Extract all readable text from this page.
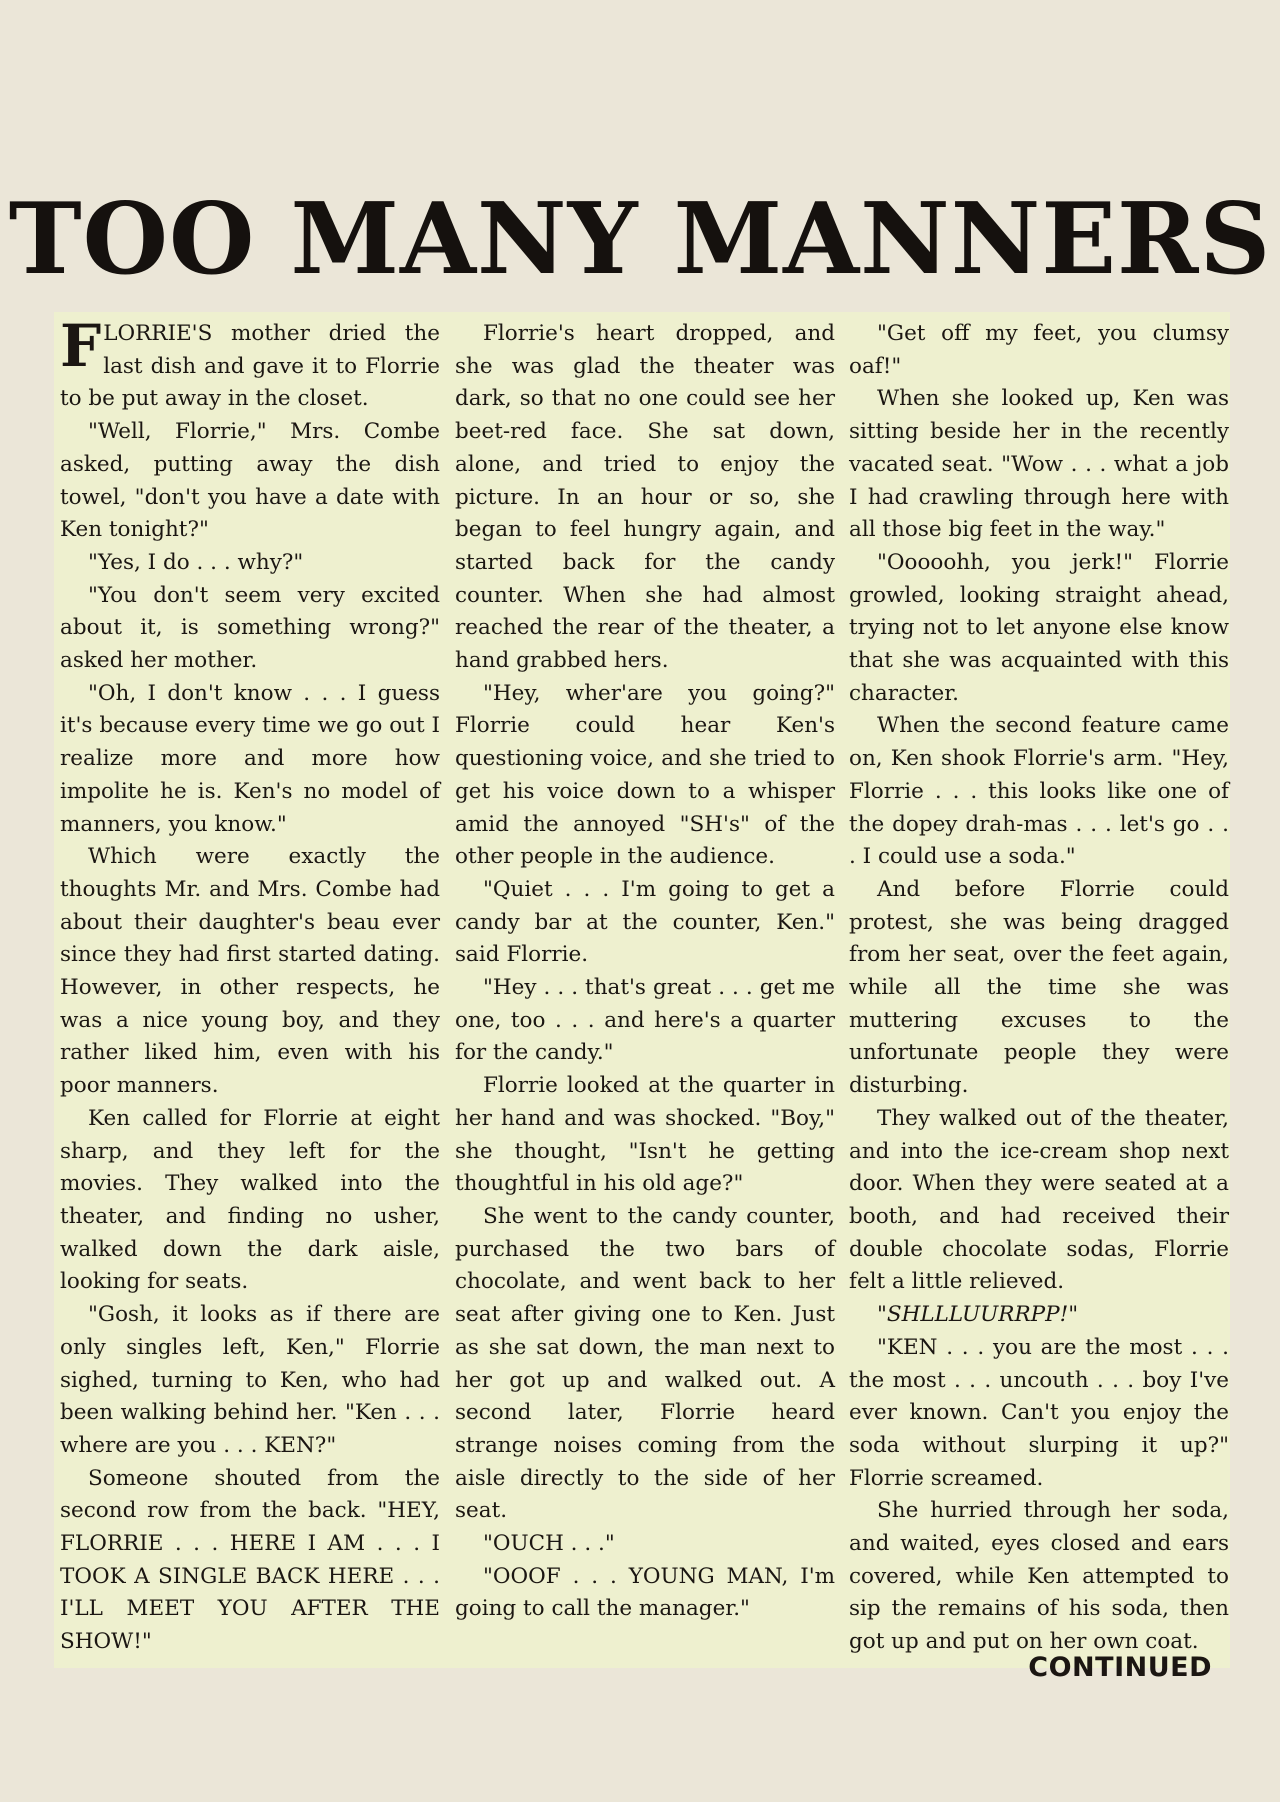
TOO MANY MANNERS

FLORRIE'S mother dried the last dish and gave it to Florrie to be put away in the closet.

"Well, Florrie," Mrs. Combe asked, putting away the dish towel, "don't you have a date with Ken tonight?"

"Yes, I do . . . why?"

"You don't seem very excited about it, is something wrong?" asked her mother.

"Oh, I don't know . . . I guess it's because every time we go out I realize more and more how impolite he is. Ken's no model of manners, you know."

Which were exactly the thoughts Mr. and Mrs. Combe had about their daughter's beau ever since they had first started dating. However, in other respects, he was a nice young boy, and they rather liked him, even with his poor manners.

Ken called for Florrie at eight sharp, and they left for the movies. They walked into the theater, and finding no usher, walked down the dark aisle, looking for seats.

"Gosh, it looks as if there are only singles left, Ken," Florrie sighed, turning to Ken, who had been walking behind her. "Ken . . . where are you . . . KEN?"

Someone shouted from the second row from the back. "HEY, FLORRIE . . . HERE I AM . . . I TOOK A SINGLE BACK HERE . . . I'LL MEET YOU AFTER THE SHOW!"

Florrie's heart dropped, and she was glad the theater was dark, so that no one could see her beet-red face. She sat down, alone, and tried to enjoy the picture. In an hour or so, she began to feel hungry again, and started back for the candy counter. When she had almost reached the rear of the theater, a hand grabbed hers.

"Hey, wher'are you going?" Florrie could hear Ken's questioning voice, and she tried to get his voice down to a whisper amid the annoyed "SH's" of the other people in the audience.

"Quiet . . . I'm going to get a candy bar at the counter, Ken." said Florrie.

"Hey . . . that's great . . . get me one, too . . . and here's a quarter for the candy."

Florrie looked at the quarter in her hand and was shocked. "Boy," she thought, "Isn't he getting thoughtful in his old age?"

She went to the candy counter, purchased the two bars of chocolate, and went back to her seat after giving one to Ken. Just as she sat down, the man next to her got up and walked out. A second later, Florrie heard strange noises coming from the aisle directly to the side of her seat.

"OUCH . . ."

"OOOF . . . YOUNG MAN, I'm going to call the manager."

"Get off my feet, you clumsy oaf!"

When she looked up, Ken was sitting beside her in the recently vacated seat. "Wow . . . what a job I had crawling through here with all those big feet in the way."

"Ooooohh, you jerk!" Florrie growled, looking straight ahead, trying not to let anyone else know that she was acquainted with this character.

When the second feature came on, Ken shook Florrie's arm. "Hey, Florrie . . . this looks like one of the dopey drah-mas . . . let's go . . . I could use a soda."

And before Florrie could protest, she was being dragged from her seat, over the feet again, while all the time she was muttering excuses to the unfortunate people they were disturbing.

They walked out of the theater, and into the ice-cream shop next door. When they were seated at a booth, and had received their double chocolate sodas, Florrie felt a little relieved.

"SHLLLUURRPP!"

"KEN . . . you are the most . . . the most . . . uncouth . . . boy I've ever known. Can't you enjoy the soda without slurping it up?" Florrie screamed.

She hurried through her soda, and waited, eyes closed and ears covered, while Ken attempted to sip the remains of his soda, then got up and put on her own coat.

CONTINUED
